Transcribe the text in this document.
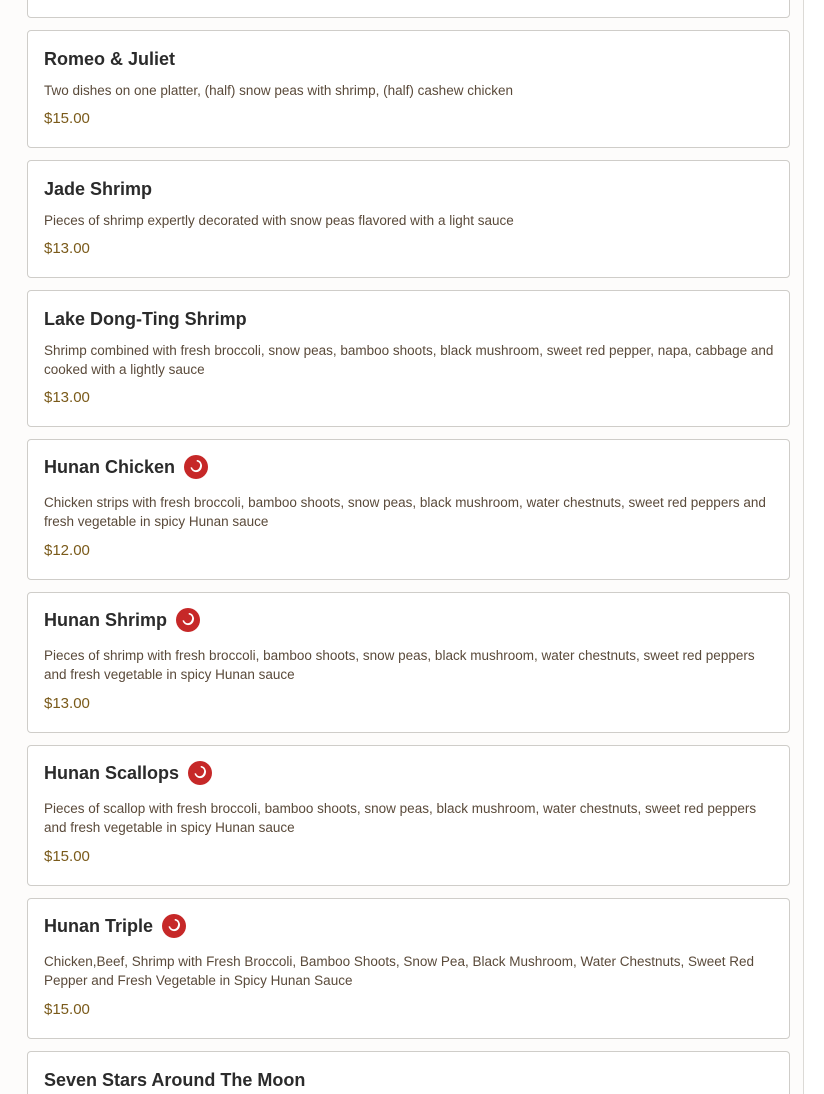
Romeo & Juliet

Two dishes on one platter, (half) snow peas with shrimp, (half) cashew chicken

$15.00

Jade Shrimp

Pieces of shrimp expertly decorated with snow peas flavored with a light sauce

$13.00

Lake Dong-Ting Shrimp

Shrimp combined with fresh broccoli, snow peas, bamboo shoots, black mushroom, sweet red pepper, napa, cabbage and cooked with a lightly sauce

$13.00

Hunan Chicken

Chicken strips with fresh broccoli, bamboo shoots, snow peas, black mushroom, water chestnuts, sweet red peppers and fresh vegetable in spicy Hunan sauce

$12.00

Hunan Shrimp

Pieces of shrimp with fresh broccoli, bamboo shoots, snow peas, black mushroom, water chestnuts, sweet red peppers and fresh vegetable in spicy Hunan sauce

$13.00

Hunan Scallops

Pieces of scallop with fresh broccoli, bamboo shoots, snow peas, black mushroom, water chestnuts, sweet red peppers and fresh vegetable in spicy Hunan sauce

$15.00

Hunan Triple

Chicken,Beef, Shrimp with Fresh Broccoli, Bamboo Shoots, Snow Pea, Black Mushroom, Water Chestnuts, Sweet Red Pepper and Fresh Vegetable in Spicy Hunan Sauce

$15.00

Seven Stars Around The Moon
